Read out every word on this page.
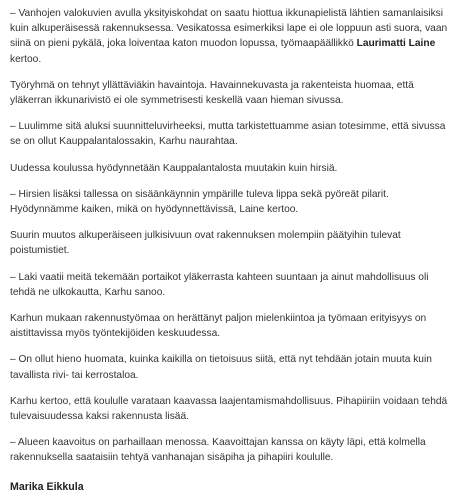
– Vanhojen valokuvien avulla yksityiskohdat on saatu hiottua ikkunapielistä lähtien samanlaisiksi kuin alkuperäisessä rakennuksessa. Vesikatossa esimerkiksi lape ei ole loppuun asti suora, vaan siinä on pieni pykälä, joka loiventaa katon muodon lopussa, työmaapäällikkö Laurimatti Laine kertoo.

Työryhmä on tehnyt yllättäviäkin havaintoja. Havainnekuvasta ja rakenteista huomaa, että yläkerran ikkunarivistö ei ole symmetrisesti keskellä vaan hieman sivussa.

– Luulimme sitä aluksi suunnitteluvirheeksi, mutta tarkistettuamme asian totesimme, että sivussa se on ollut Kauppalantalossakin, Karhu naurahtaa.

Uudessa koulussa hyödynnetään Kauppalantalosta muutakin kuin hirsiä.

– Hirsien lisäksi tallessa on sisäänkäynnin ympärille tuleva lippa sekä pyöreät pilarit. Hyödynnämme kaiken, mikä on hyödynnettävissä, Laine kertoo.

Suurin muutos alkuperäiseen julkisivuun ovat rakennuksen molempiin päätyihin tulevat poistumistiet.

– Laki vaatii meitä tekemään portaikot yläkerrasta kahteen suuntaan ja ainut mahdollisuus oli tehdä ne ulkokautta, Karhu sanoo.

Karhun mukaan rakennustyömaa on herättänyt paljon mielenkiintoa ja työmaan erityisyys on aistittavissa myös työntekijöiden keskuudessa.

– On ollut hieno huomata, kuinka kaikilla on tietoisuus siitä, että nyt tehdään jotain muuta kuin tavallista rivi- tai kerrostaloa.

Karhu kertoo, että koululle varataan kaavassa laajentamismahdollisuus. Pihapiiriin voidaan tehdä tulevaisuudessa kaksi rakennusta lisää.

– Alueen kaavoitus on parhaillaan menossa. Kaavoittajan kanssa on käyty läpi, että kolmella rakennuksella saataisiin tehtyä vanhanajan sisäpiha ja pihapiiri koululle.

Marika Eikkula
